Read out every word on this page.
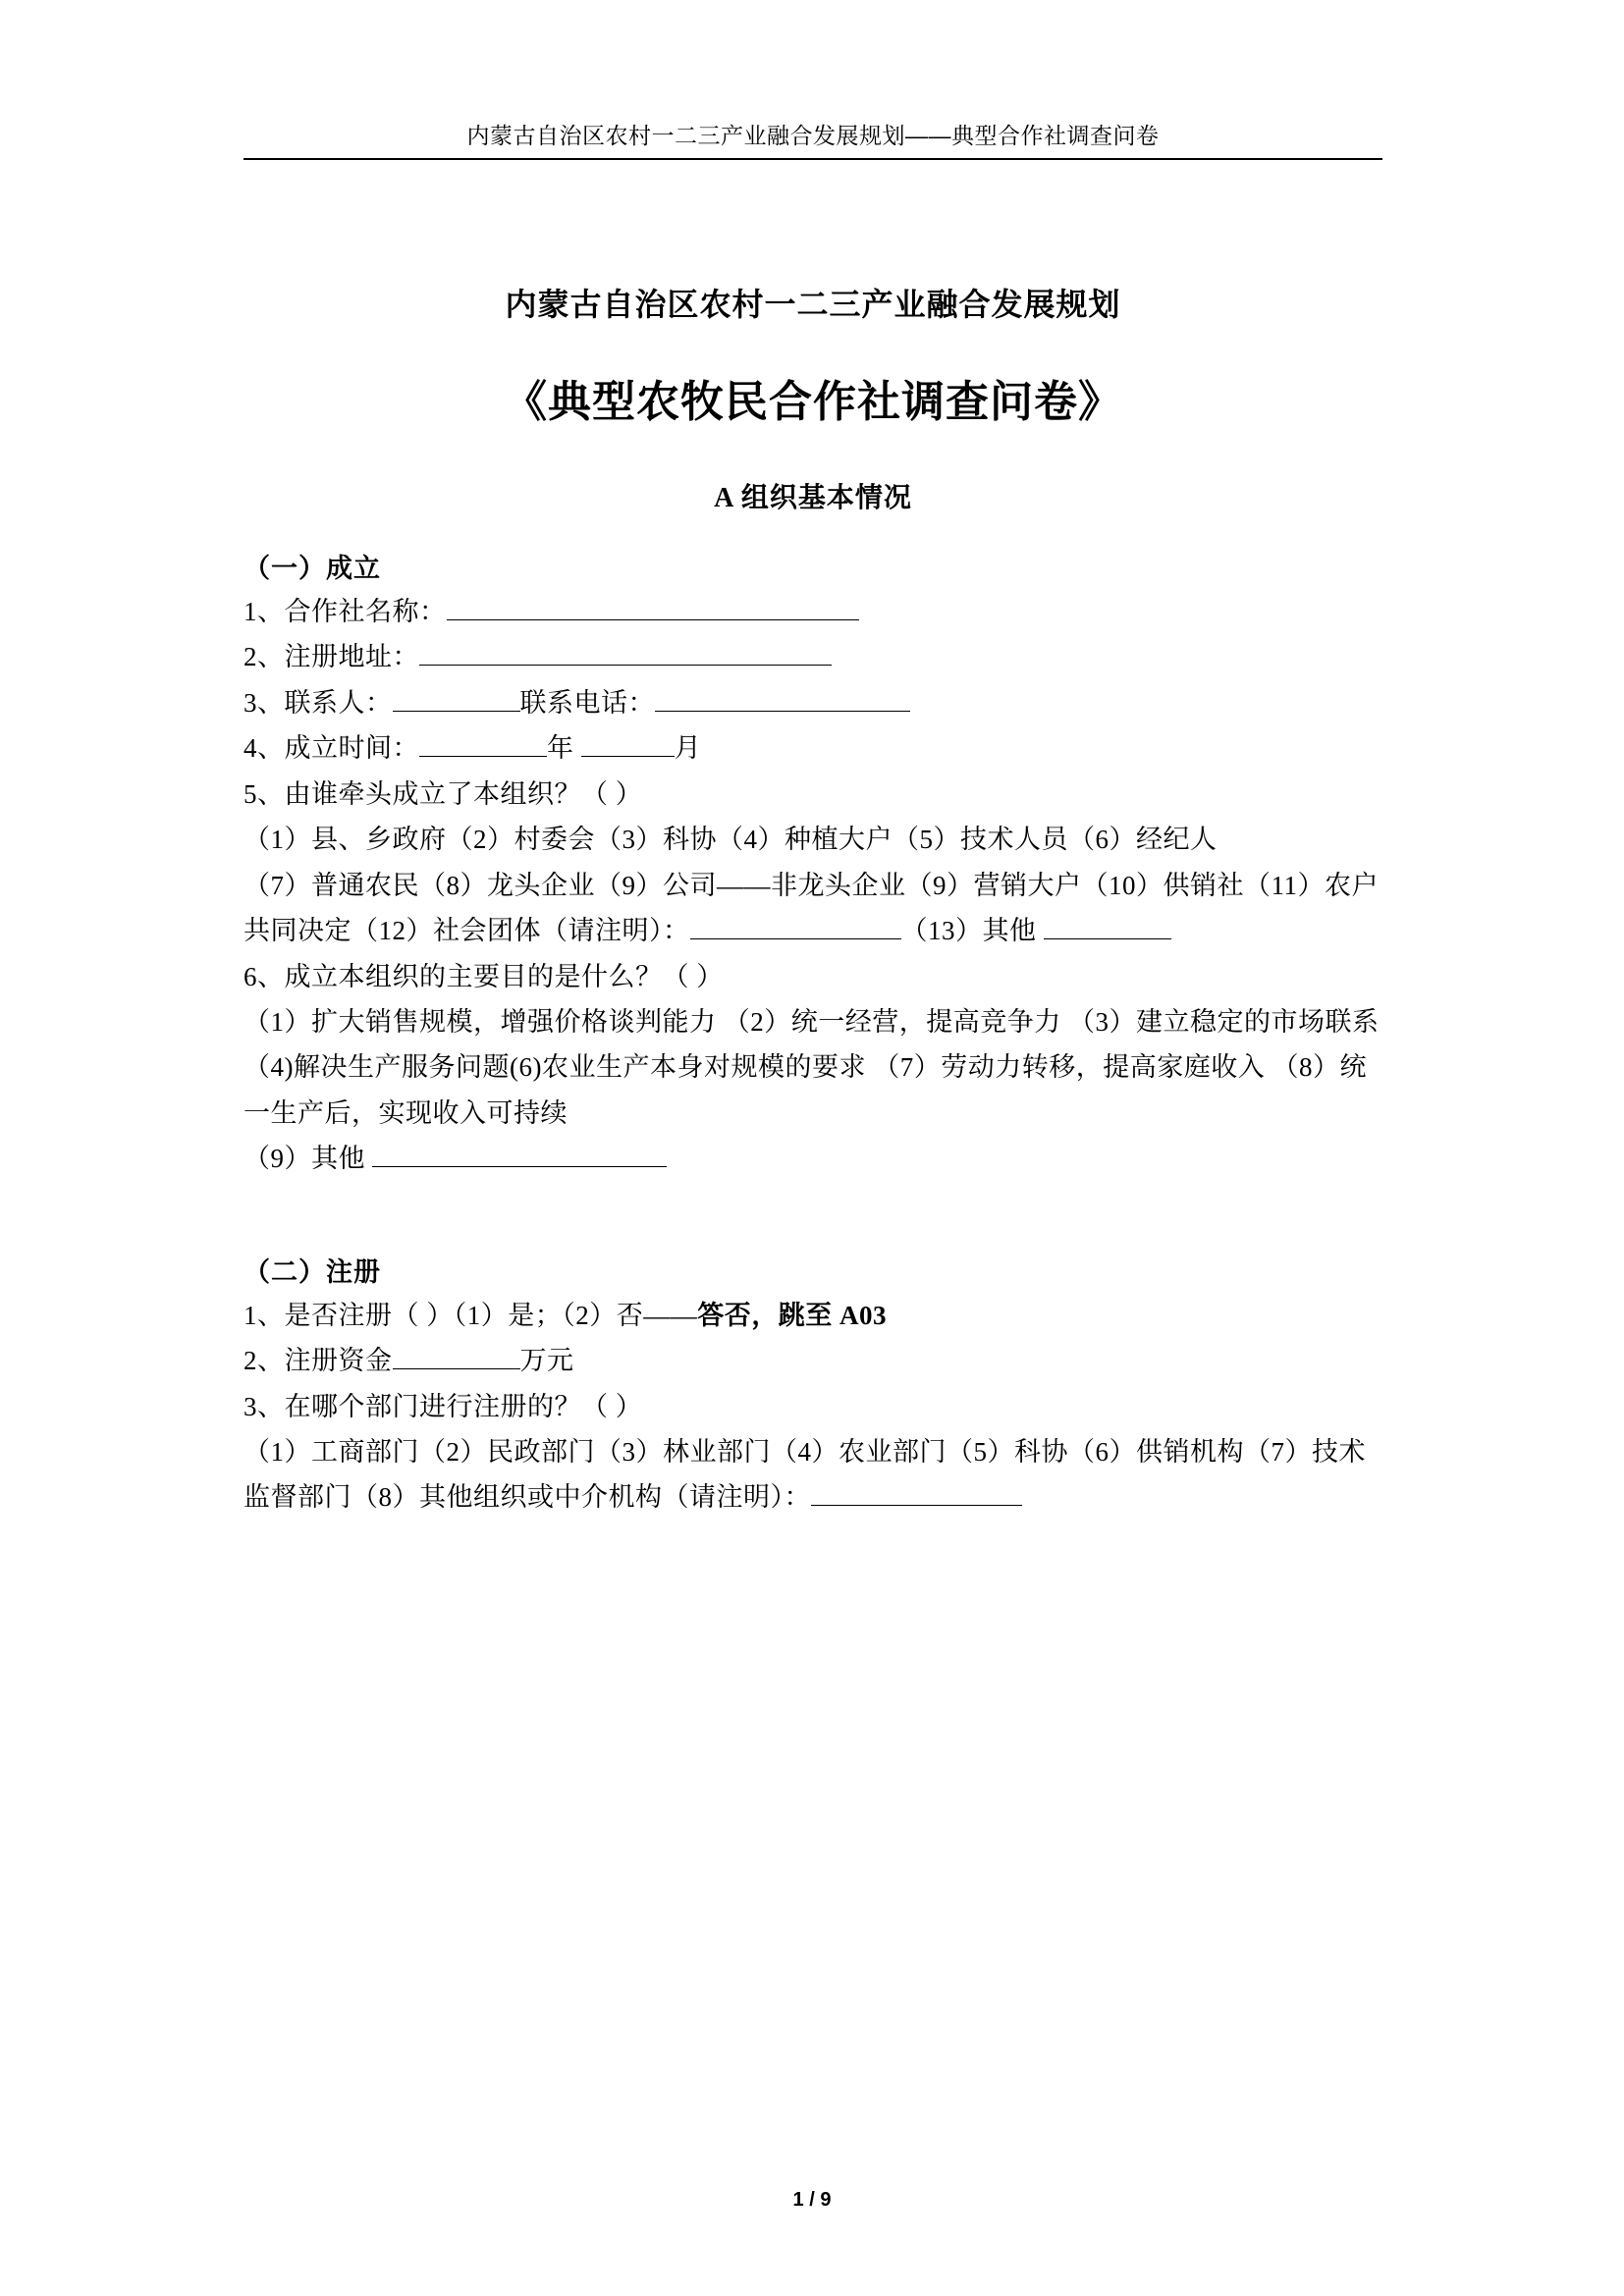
内蒙古自治区农村一二三产业融合发展规划——典型合作社调查问卷
内蒙古自治区农村一二三产业融合发展规划
《典型农牧民合作社调查问卷》
A 组织基本情况
（一）成立

1、合作社名称：

2、注册地址：

3、联系人：	联系电话：

4、成立时间：	年	月

5、由谁牵头成立了本组织？（ ）

（1）县、乡政府（2）村委会（3）科协（4）种植大户（5）技术人员（6）经纪人

（7）普通农民（8）龙头企业（9）公司——非龙头企业（9）营销大户（10）供销社（11）农户共同决定（12）社会团体（请注明）：	（13）其他

6、成立本组织的主要目的是什么？（ ）

（1）扩大销售规模，增强价格谈判能力 （2）统一经营，提高竞争力 （3）建立稳定的市场联系 （4)解决生产服务问题(6)农业生产本身对规模的要求 （7）劳动力转移，提高家庭收入 （8）统一生产后，实现收入可持续

（9）其他

（二）注册

1、是否注册（ ）（1）是；（2）否——答否，跳至 A03

2、注册资金	万元

3、在哪个部门进行注册的？（ ）

（1）工商部门（2）民政部门（3）林业部门（4）农业部门（5）科协（6）供销机构（7）技术监督部门（8）其他组织或中介机构（请注明）：

1 / 9
